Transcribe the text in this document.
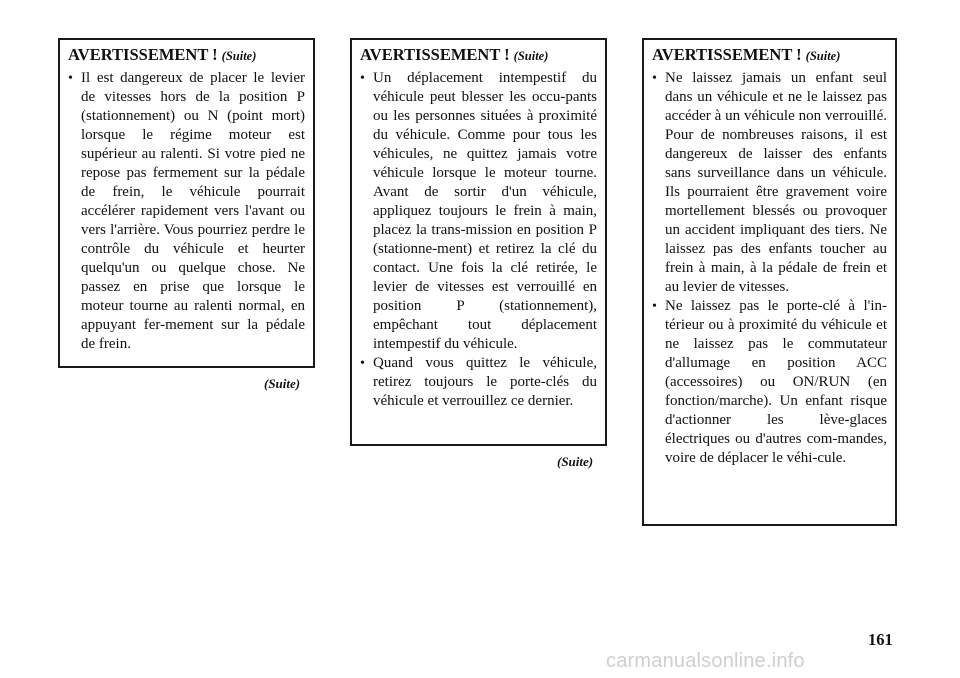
AVERTISSEMENT ! (Suite)
• Il est dangereux de placer le levier de vitesses hors de la position P (stationnement) ou N (point mort) lorsque le régime moteur est supérieur au ralenti. Si votre pied ne repose pas fermement sur la pédale de frein, le véhicule pourrait accélérer rapidement vers l'avant ou vers l'arrière. Vous pourriez perdre le contrôle du véhicule et heurter quelqu'un ou quelque chose. Ne passez en prise que lorsque le moteur tourne au ralenti normal, en appuyant fer-mement sur la pédale de frein.
(Suite)
AVERTISSEMENT ! (Suite)
• Un déplacement intempestif du véhicule peut blesser les occu-pants ou les personnes situées à proximité du véhicule. Comme pour tous les véhicules, ne quittez jamais votre véhicule lorsque le moteur tourne. Avant de sortir d'un véhicule, appliquez toujours le frein à main, placez la trans-mission en position P (stationne-ment) et retirez la clé du contact. Une fois la clé retirée, le levier de vitesses est verrouillé en position P (stationnement), empêchant tout déplacement intempestif du véhicule.
• Quand vous quittez le véhicule, retirez toujours le porte-clés du véhicule et verrouillez ce dernier.
(Suite)
AVERTISSEMENT ! (Suite)
• Ne laissez jamais un enfant seul dans un véhicule et ne le laissez pas accéder à un véhicule non verrouillé. Pour de nombreuses raisons, il est dangereux de laisser des enfants sans surveillance dans un véhicule. Ils pourraient être gravement voire mortellement blessés ou provoquer un accident impliquant des tiers. Ne laissez pas des enfants toucher au frein à main, à la pédale de frein et au levier de vitesses.
• Ne laissez pas le porte-clé à l'in-térieur ou à proximité du véhicule et ne laissez pas le commutateur d'allumage en position ACC (accessoires) ou ON/RUN (en fonction/marche). Un enfant risque d'actionner les lève-glaces électriques ou d'autres com-mandes, voire de déplacer le véhi-cule.
161
carmanualsonline.info
